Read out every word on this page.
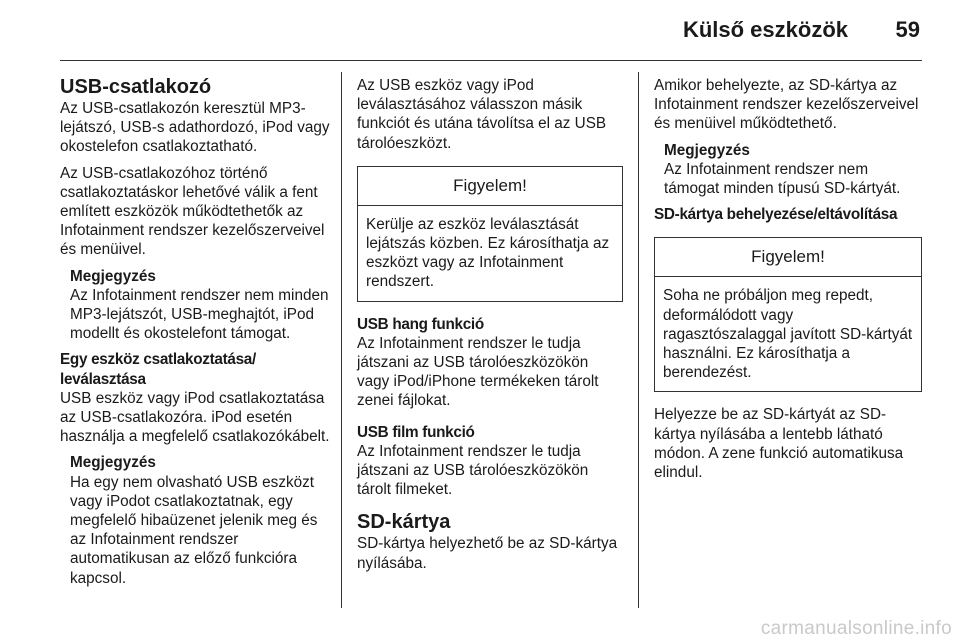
Külső eszközök 59
USB-csatlakozó

Az USB-csatlakozón keresztül MP3-lejátszó, USB-s adathordozó, iPod vagy okostelefon csatlakoztatható.

Az USB-csatlakozóhoz történő csatlakoztatáskor lehetővé válik a fent említett eszközök működtethetők az Infotainment rendszer kezelőszerveivel és menüivel.

Megjegyzés
Az Infotainment rendszer nem minden MP3-lejátszót, USB-meghajtót, iPod modellt és okostelefont támogat.
Egy eszköz csatlakoztatása/ leválasztása

USB eszköz vagy iPod csatlakoztatása az USB-csatlakozóra. iPod esetén használja a megfelelő csatlakozókábelt.

Megjegyzés
Ha egy nem olvasható USB eszközt vagy iPodot csatlakoztatnak, egy megfelelő hibaüzenet jelenik meg és az Infotainment rendszer automatikusan az előző funkcióra kapcsol.

Az USB eszköz vagy iPod leválasztásához válasszon másik funkciót és utána távolítsa el az USB tárolóeszközt.

Figyelem!
Kerülje az eszköz leválasztását lejátszás közben. Ez károsíthatja az eszközt vagy az Infotainment rendszert.
USB hang funkció

Az Infotainment rendszer le tudja játszani az USB tárolóeszközökön vagy iPod/iPhone termékeken tárolt zenei fájlokat.

USB film funkció

Az Infotainment rendszer le tudja játszani az USB tárolóeszközökön tárolt filmeket.

SD-kártya

SD-kártya helyezhető be az SD-kártya nyílásába.

Amikor behelyezte, az SD-kártya az Infotainment rendszer kezelőszerveivel és menüivel működtethető.

Megjegyzés
Az Infotainment rendszer nem támogat minden típusú SD-kártyát.
SD-kártya behelyezése/eltávolítása
Figyelem!
Soha ne próbáljon meg repedt, deformálódott vagy ragasztószalaggal javított SD-kártyát használni. Ez károsíthatja a berendezést.

Helyezze be az SD-kártyát az SD-kártya nyílásába a lentebb látható módon. A zene funkció automatikusa elindul.

carmanualsonline.info
